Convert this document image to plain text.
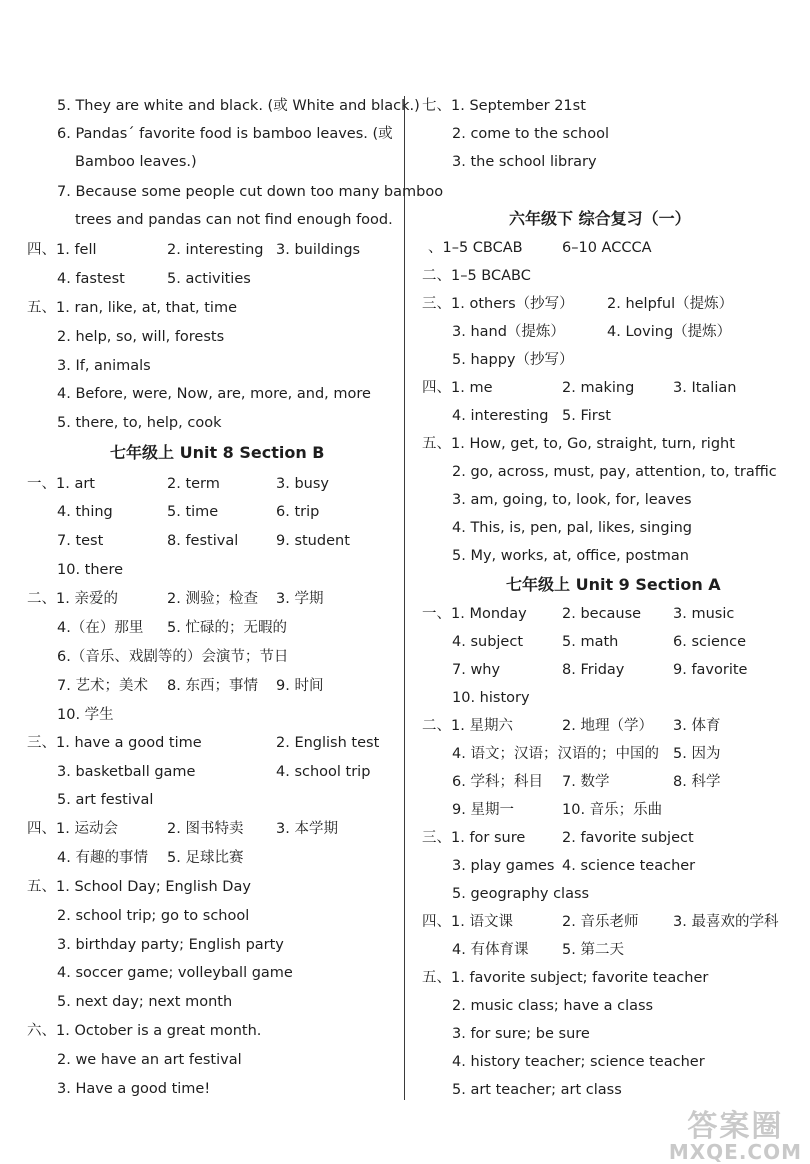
答案圈
MXQE.COM
5. They are white and black. (或 White and black.)
6. Pandas´ favorite food is bamboo leaves. (或
Bamboo leaves.)
7. Because some people cut down too many bamboo
trees and pandas can not find enough food.
四、1. fell	2. interesting 3. buildings
4. fastest	5. activities
五、1. ran, like, at, that, time
2. help, so, will, forests
3. If, animals
4. Before, were, Now, are, more, and, more
5. there, to, help, cook
一、1. art	2. term	3. busy
4. thing	5. time	6. trip
7. test	8. festival	9. student
10. there
二、1. 亲爱的	2. 测验；检查 3. 学期
4.（在）那里 5. 忙碌的；无暇的
6.（音乐、戏剧等的）会演节；节日
7. 艺术；美术 8. 东西；事情 9. 时间
10. 学生
三、1. have a good time	2. English test
3. basketball game	4. school trip
5. art festival
四、1. 运动会	2. 图书特卖 3. 本学期
4. 有趣的事情 5. 足球比赛
五、1. School Day; English Day
2. school trip; go to school
3. birthday party; English party
4. soccer game; volleyball game
5. next day; next month
六、1. October is a great month.
2. we have an art festival
3. Have a good time!
七年级上 Unit 8 Section B
七、1. September 21st
2. come to the school
3. the school library
、1–5 CBCAB	6–10 ACCCA
二、1–5 BCABC
三、1. others（抄写） 2. helpful（提炼）
3. hand（提炼）	4. Loving（提炼）
5. happy（抄写）
四、1. me	2. making	3. Italian
4. interesting 5. First
五、1. How, get, to, Go, straight, turn, right
2. go, across, must, pay, attention, to, traffic
3. am, going, to, look, for, leaves
4. This, is, pen, pal, likes, singing
5. My, works, at, office, postman
一、1. Monday 2. because 3. music
4. subject	5. math	6. science
7. why	8. Friday	9. favorite
10. history
二、1. 星期六	2. 地理（学） 3. 体育
4. 语文；汉语；汉语的；中国的 5. 因为
6. 学科；科目 7. 数学	8. 科学
9. 星期一	10. 音乐；乐曲
三、1. for sure	2. favorite subject
3. play games 4. science teacher
5. geography class
四、1. 语文课	2. 音乐老师 3. 最喜欢的学科
4. 有体育课 5. 第二天
五、1. favorite subject; favorite teacher
2. music class; have a class
3. for sure; be sure
4. history teacher; science teacher
5. art teacher; art class
六年级下 综合复习（一）
七年级上 Unit 9 Section A
